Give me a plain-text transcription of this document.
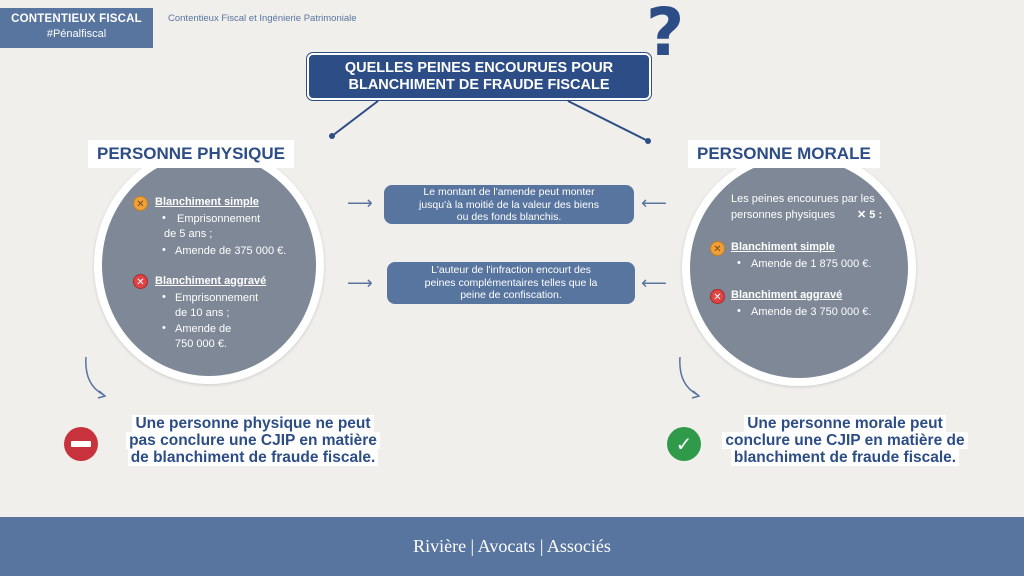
CONTENTIEUX FISCAL
#Pénalfiscal
Contentieux Fiscal et Ingénierie Patrimoniale
QUELLES PEINES ENCOURUES POUR
BLANCHIMENT DE FRAUDE FISCALE
?
PERSONNE PHYSIQUE
✕ Blanchiment simple
• Emprisonnement
de 5 ans ;
• Amende de 375 000 €.
✕ Blanchiment aggravé
• Emprisonnement
de 10 ans ;
• Amende de
750 000 €.
PERSONNE MORALE
Les peines encourues par les
personnes physiques ✕ 5 :
✕ Blanchiment simple
• Amende de 1 875 000 €.
✕ Blanchiment aggravé
• Amende de 3 750 000 €.
⟶
Le montant de l'amende peut monter
jusqu'à la moitié de la valeur des biens
ou des fonds blanchis.
⟵
⟶
L'auteur de l'infraction encourt des
peines complémentaires telles que la
peine de confiscation.
⟵
Une personne physique ne peut
pas conclure une CJIP en matière
de blanchiment de fraude fiscale.
✓
Une personne morale peut
conclure une CJIP en matière de
blanchiment de fraude fiscale.
Rivière | Avocats | Associés
